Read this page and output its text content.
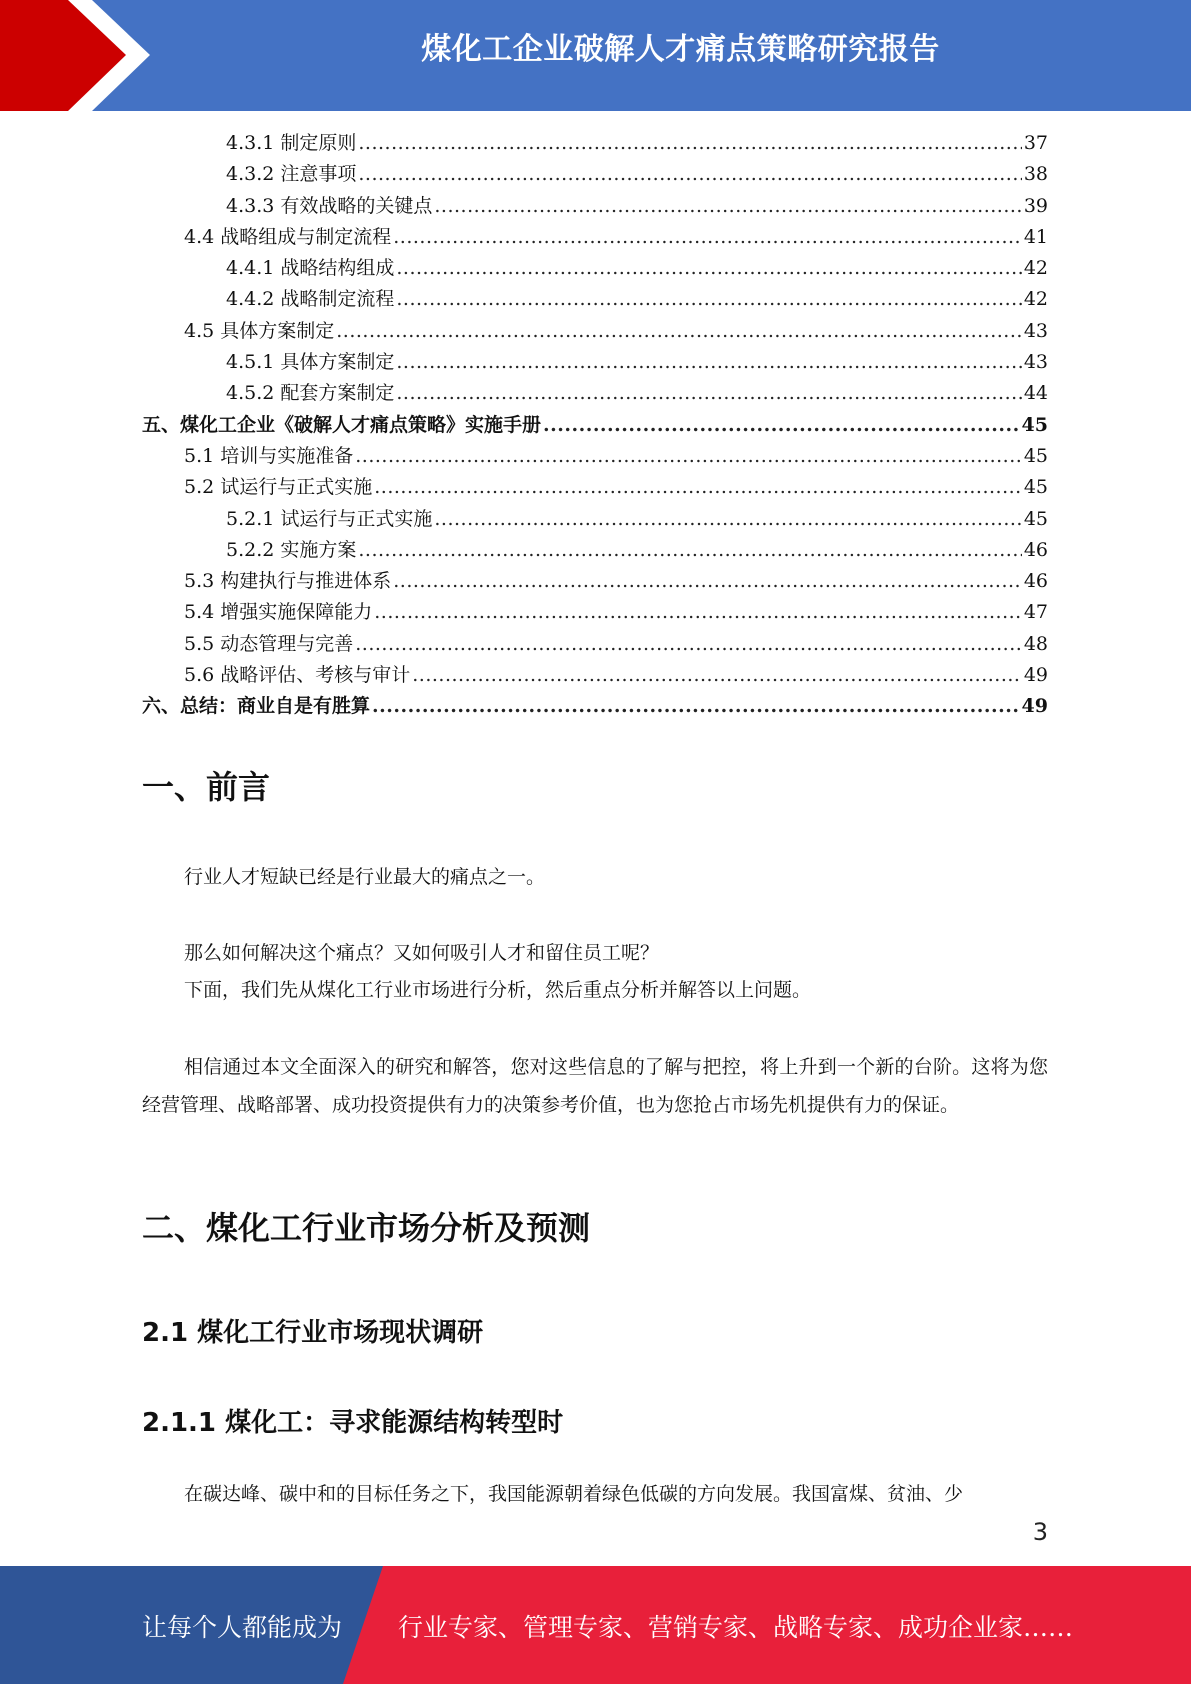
煤化工企业破解人才痛点策略研究报告
4.3.1 制定原则 .....	37
4.3.2 注意事项 .....	38
4.3.3 有效战略的关键点 .....	39
4.4 战略组成与制定流程 .....	41
4.4.1 战略结构组成 .....	42
4.4.2 战略制定流程 .....	42
4.5 具体方案制定 .....	43
4.5.1 具体方案制定 .....	43
4.5.2 配套方案制定 .....	44
五、煤化工企业《破解人才痛点策略》实施手册 .....	45
5.1 培训与实施准备 .....	45
5.2 试运行与正式实施 .....	45
5.2.1 试运行与正式实施 .....	45
5.2.2 实施方案 .....	46
5.3 构建执行与推进体系 .....	46
5.4 增强实施保障能力 .....	47
5.5 动态管理与完善 .....	48
5.6 战略评估、考核与审计 .....	49
六、总结：商业自是有胜算 .....	49
一、前言

行业人才短缺已经是行业最大的痛点之一。

那么如何解决这个痛点？又如何吸引人才和留住员工呢？

下面，我们先从煤化工行业市场进行分析，然后重点分析并解答以上问题。

相信通过本文全面深入的研究和解答，您对这些信息的了解与把控，将上升到一个新的台阶。这将为您经营管理、战略部署、成功投资提供有力的决策参考价值，也为您抢占市场先机提供有力的保证。

二、煤化工行业市场分析及预测
2.1 煤化工行业市场现状调研
2.1.1 煤化工：寻求能源结构转型时

在碳达峰、碳中和的目标任务之下，我国能源朝着绿色低碳的方向发展。我国富煤、贫油、少

3
让每个人都能成为 行业专家、管理专家、营销专家、战略专家、成功企业家……
